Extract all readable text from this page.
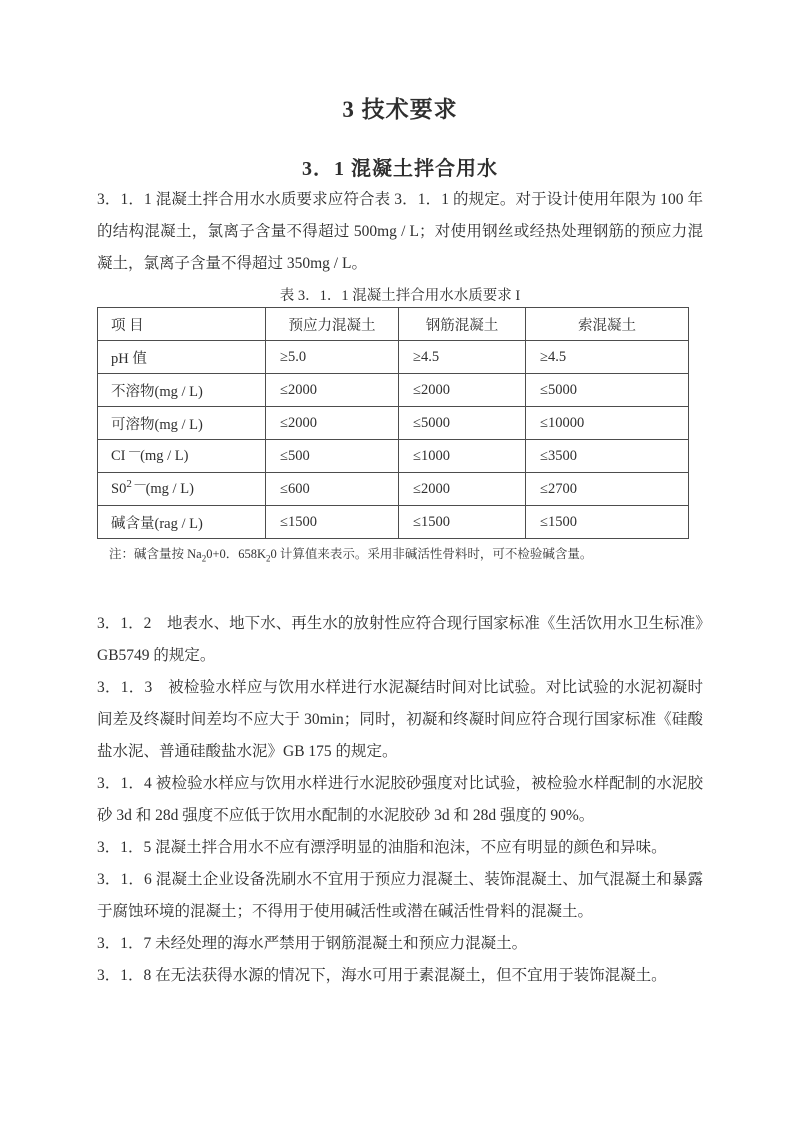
3 技术要求
3．1 混凝土拌合用水

3．1．1 混凝土拌合用水水质要求应符合表 3．1．1 的规定。对于设计使用年限为 100 年的结构混凝土，氯离子含量不得超过 500mg / L；对使用钢丝或经热处理钢筋的预应力混凝土，氯离子含量不得超过 350mg / L。

表 3．1．1 混凝土拌合用水水质要求 I
项 目	预应力混凝土	钢筋混凝土	索混凝土
pH 值	≥5.0	≥4.5	≥4.5
不溶物(mg / L)	≤2000	≤2000	≤5000
可溶物(mg / L)	≤2000	≤5000	≤10000
CI —(mg / L)	≤500	≤1000	≤3500
$S0^{2 —}(mg / L)$	≤600	≤2000	≤2700
碱含量(rag / L)	≤1500	≤1500	≤1500
注：碱含量按 $Na_20+0$．$658K_20$ 计算值来表示。采用非碱活性骨料时，可不检验碱含量。

3．1．2　地表水、地下水、再生水的放射性应符合现行国家标准《生活饮用水卫生标准》GB5749 的规定。

3．1．3　被检验水样应与饮用水样进行水泥凝结时间对比试验。对比试验的水泥初凝时间差及终凝时间差均不应大于 30min；同时，初凝和终凝时间应符合现行国家标准《硅酸盐水泥、普通硅酸盐水泥》GB 175 的规定。

3．1．4 被检验水样应与饮用水样进行水泥胶砂强度对比试验，被检验水样配制的水泥胶砂 3d 和 28d 强度不应低于饮用水配制的水泥胶砂 3d 和 28d 强度的 90%。

3．1．5 混凝土拌合用水不应有漂浮明显的油脂和泡沫，不应有明显的颜色和异味。

3．1．6 混凝土企业设备洗刷水不宜用于预应力混凝土、装饰混凝土、加气混凝土和暴露于腐蚀环境的混凝土；不得用于使用碱活性或潜在碱活性骨料的混凝土。

3．1．7 未经处理的海水严禁用于钢筋混凝土和预应力混凝土。

3．1．8 在无法获得水源的情况下，海水可用于素混凝土，但不宜用于装饰混凝土。
